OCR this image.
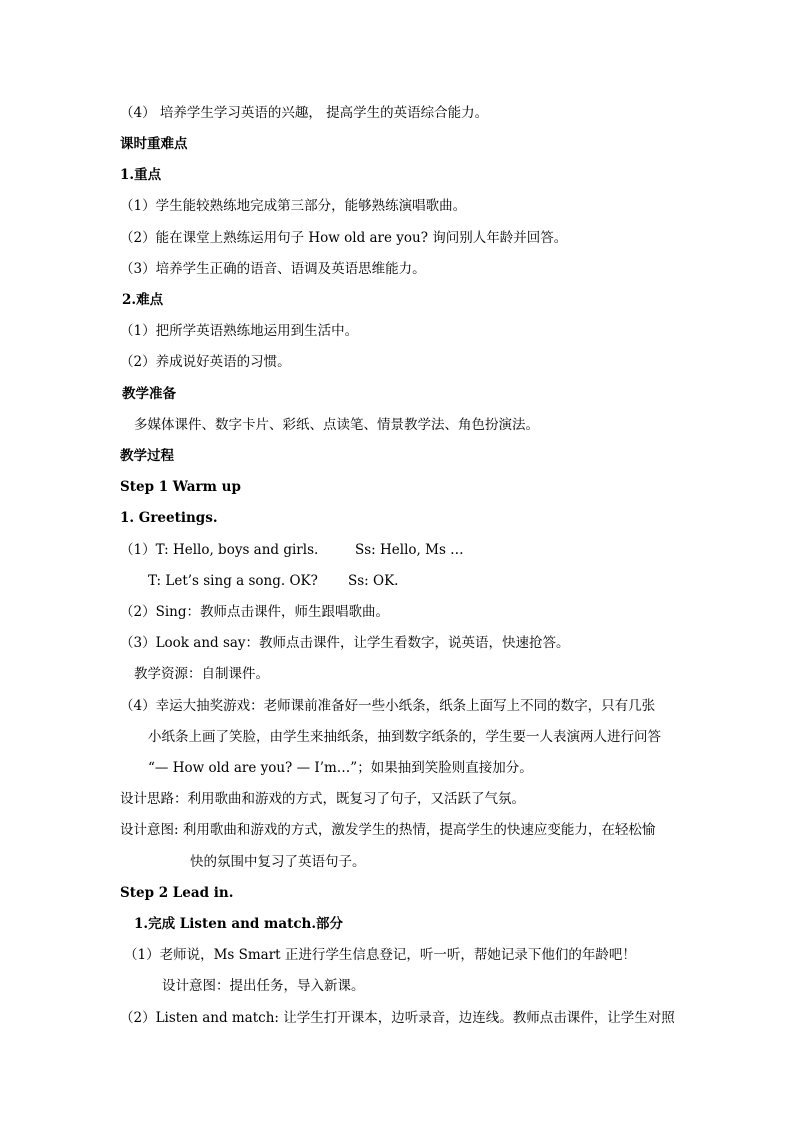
（4） 培养学生学习英语的兴趣， 提高学生的英语综合能力。
课时重难点
1.重点
（1）学生能较熟练地完成第三部分，能够熟练演唱歌曲。
（2）能在课堂上熟练运用句子 How old are you? 询问别人年龄并回答。
（3）培养学生正确的语音、语调及英语思维能力。
2.难点
（1）把所学英语熟练地运用到生活中。
（2）养成说好英语的习惯。
教学准备
多媒体课件、数字卡片、彩纸、点读笔、情景教学法、角色扮演法。
教学过程
Step 1 Warm up
1. Greetings.
（1）T: Hello, boys and girls.	Ss: Hello, Ms …
T: Let’s sing a song. OK? Ss: OK.
（2）Sing：教师点击课件，师生跟唱歌曲。
（3）Look and say：教师点击课件，让学生看数字，说英语，快速抢答。
教学资源：自制课件。
（4）幸运大抽奖游戏：老师课前准备好一些小纸条，纸条上面写上不同的数字，只有几张
小纸条上画了笑脸，由学生来抽纸条，抽到数字纸条的，学生要一人表演两人进行问答
“— How old are you? — I’m…”；如果抽到笑脸则直接加分。
设计思路：利用歌曲和游戏的方式，既复习了句子，又活跃了气氛。
设计意图: 利用歌曲和游戏的方式，激发学生的热情，提高学生的快速应变能力，在轻松愉
快的氛围中复习了英语句子。
Step 2 Lead in.
1.完成 Listen and match.部分
（1）老师说，Ms Smart 正进行学生信息登记，听一听，帮她记录下他们的年龄吧！
设计意图：提出任务，导入新课。
（2）Listen and match: 让学生打开课本，边听录音，边连线。教师点击课件，让学生对照
